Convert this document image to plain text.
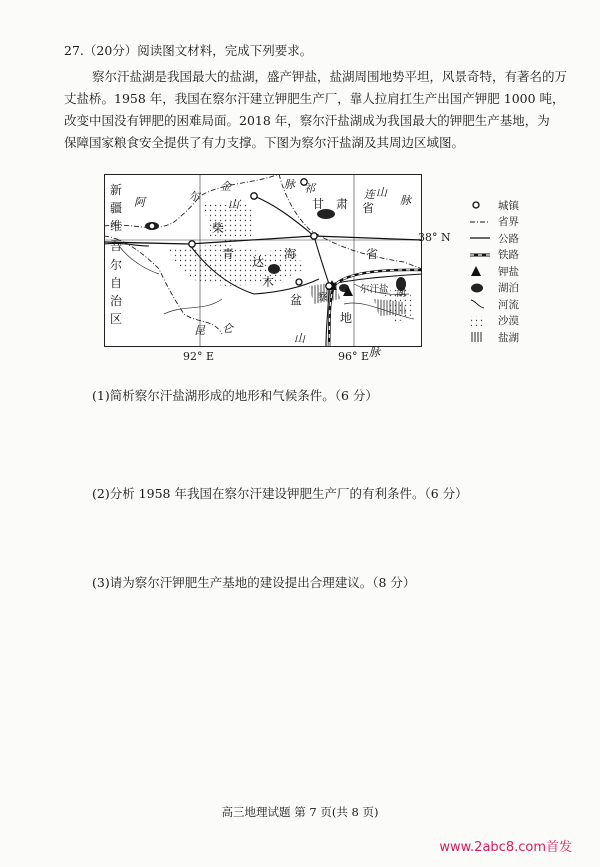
27.（20分）阅读图文材料，完成下列要求。
察尔汗盐湖是我国最大的盐湖，盛产钾盐，盐湖周围地势平坦，风景奇特，有著名的万
丈盐桥。1958 年，我国在察尔汗建立钾肥生产厂，靠人拉肩扛生产出国产钾肥 1000 吨，
改变中国没有钾肥的困难局面。2018 年，察尔汗盐湖成为我国最大的钾肥生产基地，为
保障国家粮食安全提供了有力支撑。下图为察尔汗盐湖及其周边区域图。
新
疆
维
吾
尔
自
治
区
阿	尔
金
山
脉 祁	连 山
脉
昆 仑
山
脉
甘 肃 省
省
柴
青
达
海
木
盆
地
察
尔汗盐 湖
38° N
92° E	96° E
城镇
省界
公路
铁路
钾盐
湖泊
河流
沙漠
盐湖
(1)简析察尔汗盐湖形成的地形和气候条件。（6 分）
(2)分析 1958 年我国在察尔汗建设钾肥生产厂的有利条件。（6 分）
(3)请为察尔汗钾肥生产基地的建设提出合理建议。（8 分）
高三地理试题 第 7 页(共 8 页)
www.2abc8.com首发
